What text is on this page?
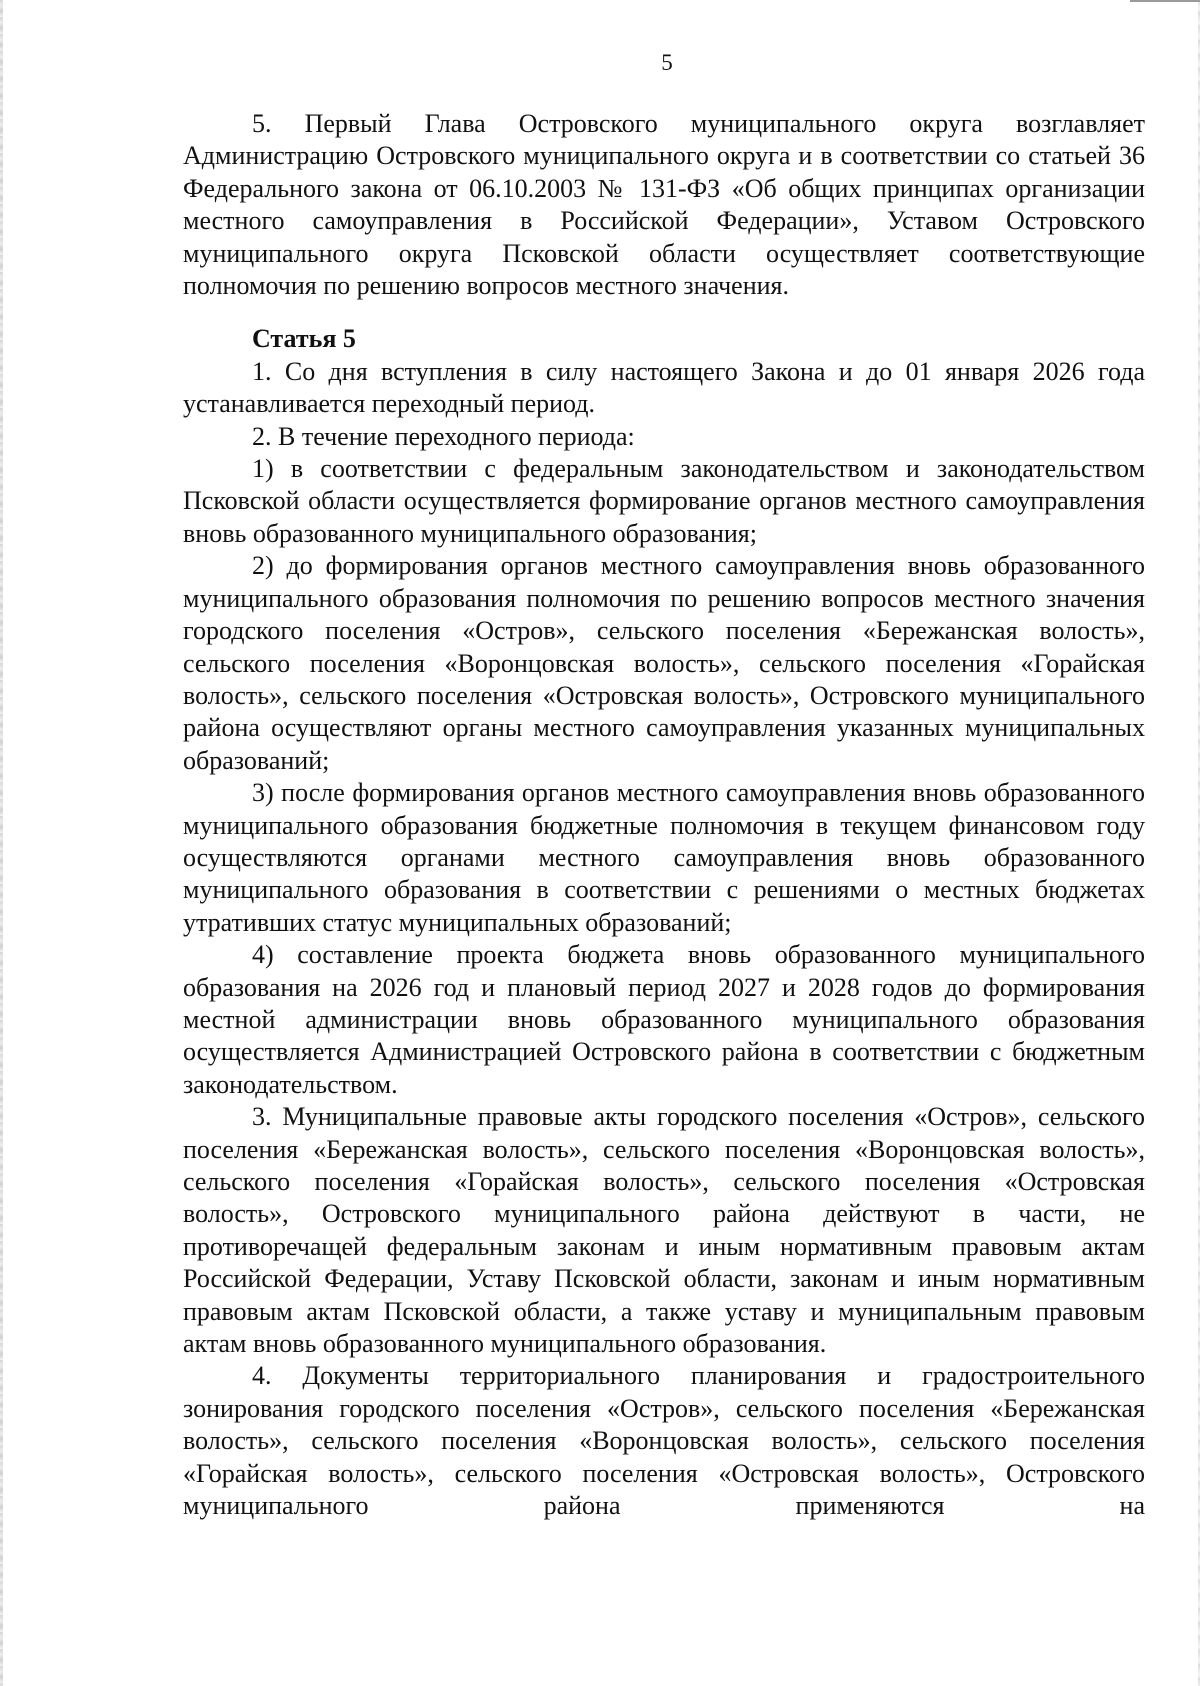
5

5. Первый Глава Островского муниципального округа возглавляет Администрацию Островского муниципального округа и в соответствии со статьей 36 Федерального закона от 06.10.2003 № 131-ФЗ «Об общих принципах организации местного самоуправления в Российской Федерации», Уставом Островского муниципального округа Псковской области осуществляет соответствующие полномочия по решению вопросов местного значения.

Статья 5

1. Со дня вступления в силу настоящего Закона и до 01 января 2026 года устанавливается переходный период.

2. В течение переходного периода:

1) в соответствии с федеральным законодательством и законодательством Псковской области осуществляется формирование органов местного самоуправления вновь образованного муниципального образования;

2) до формирования органов местного самоуправления вновь образованного муниципального образования полномочия по решению вопросов местного значения городского поселения «Остров», сельского поселения «Бережанская волость», сельского поселения «Воронцовская волость», сельского поселения «Горайская волость», сельского поселения «Островская волость», Островского муниципального района осуществляют органы местного самоуправления указанных муниципальных образований;

3) после формирования органов местного самоуправления вновь образованного муниципального образования бюджетные полномочия в текущем финансовом году осуществляются органами местного самоуправления вновь образованного муниципального образования в соответствии с решениями о местных бюджетах утративших статус муниципальных образований;

4) составление проекта бюджета вновь образованного муниципального образования на 2026 год и плановый период 2027 и 2028 годов до формирования местной администрации вновь образованного муниципального образования осуществляется Администрацией Островского района в соответствии с бюджетным законодательством.

3. Муниципальные правовые акты городского поселения «Остров», сельского поселения «Бережанская волость», сельского поселения «Воронцовская волость», сельского поселения «Горайская волость», сельского поселения «Островская волость», Островского муниципального района действуют в части, не противоречащей федеральным законам и иным нормативным правовым актам Российской Федерации, Уставу Псковской области, законам и иным нормативным правовым актам Псковской области, а также уставу и муниципальным правовым актам вновь образованного муниципального образования.

4. Документы территориального планирования и градостроительного зонирования городского поселения «Остров», сельского поселения «Бережанская волость», сельского поселения «Воронцовская волость», сельского поселения «Горайская волость», сельского поселения «Островская волость», Островского муниципального района применяются на
